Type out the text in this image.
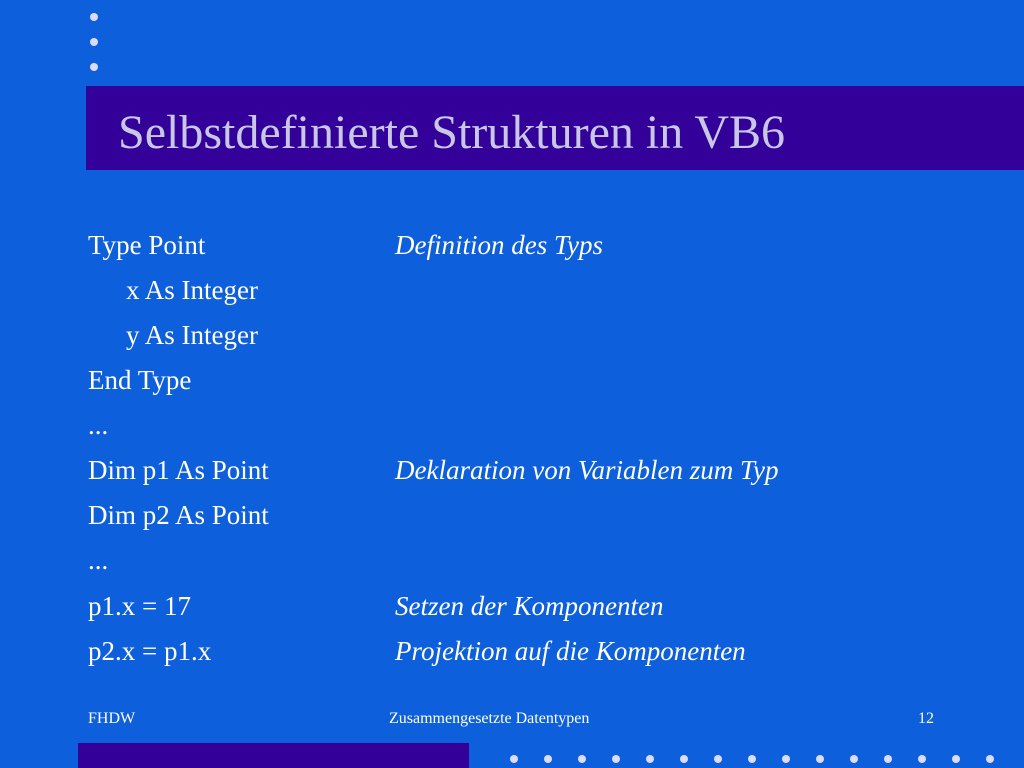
Selbstdefinierte Strukturen in VB6
Type Point
x As Integer
y As Integer
End Type
...
Dim p1 As Point
Dim p2 As Point
...
p1.x = 17
p2.x = p1.x
Definition des Typs
Deklaration von Variablen zum Typ
Setzen der Komponenten
Projektion auf die Komponenten
FHDW	Zusammengesetzte Datentypen	12
